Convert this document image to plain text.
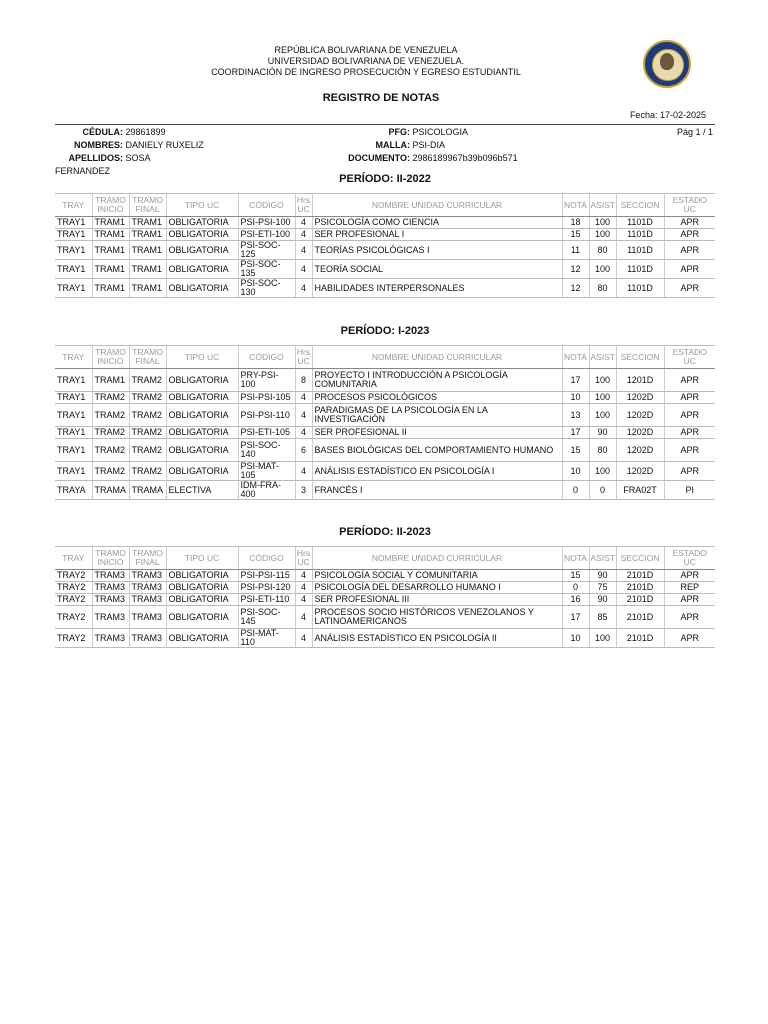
REPÚBLICA BOLIVARIANA DE VENEZUELA
UNIVERSIDAD BOLIVARIANA DE VENEZUELA.
COORDINACIÓN DE INGRESO PROSECUCIÓN Y EGRESO ESTUDIANTIL
REGISTRO DE NOTAS
Fecha: 17-02-2025
CÉDULA: 29861899
NOMBRES: DANIELY RUXELIZ
APELLIDOS: SOSA FERNANDEZ
PFG: PSICOLOGIA
MALLA: PSI-DIA
DOCUMENTO: 2986189967b39b096b571
Pág 1 / 1
PERÍODO: II-2022
TRAY	TRAMO INICIO	TRAMO FINAL	TIPO UC	CÓDIGO	Hrs UC	NOMBRE UNIDAD CURRICULAR	NOTA	ASIST	SECCION	ESTADO UC
TRAY1	TRAM1	TRAM1	OBLIGATORIA	PSI-PSI-100	4	PSICOLOGÍA COMO CIENCIA	18	100	1101D	APR
TRAY1	TRAM1	TRAM1	OBLIGATORIA	PSI-ETI-100	4	SER PROFESIONAL I	15	100	1101D	APR
TRAY1	TRAM1	TRAM1	OBLIGATORIA	PSI-SOC-125	4	TEORÍAS PSICOLÓGICAS I	11	80	1101D	APR
TRAY1	TRAM1	TRAM1	OBLIGATORIA	PSI-SOC-135	4	TEORÍA SOCIAL	12	100	1101D	APR
TRAY1	TRAM1	TRAM1	OBLIGATORIA	PSI-SOC-130	4	HABILIDADES INTERPERSONALES	12	80	1101D	APR
PERÍODO: I-2023
TRAY	TRAMO INICIO	TRAMO FINAL	TIPO UC	CÓDIGO	Hrs UC	NOMBRE UNIDAD CURRICULAR	NOTA	ASIST	SECCION	ESTADO UC
TRAY1	TRAM1	TRAM2	OBLIGATORIA	PRY-PSI-100	8	PROYECTO I INTRODUCCIÓN A PSICOLOGÍA COMUNITARIA	17	100	1201D	APR
TRAY1	TRAM2	TRAM2	OBLIGATORIA	PSI-PSI-105	4	PROCESOS PSICOLÓGICOS	10	100	1202D	APR
TRAY1	TRAM2	TRAM2	OBLIGATORIA	PSI-PSI-110	4	PARADIGMAS DE LA PSICOLOGÍA EN LA INVESTIGACIÓN	13	100	1202D	APR
TRAY1	TRAM2	TRAM2	OBLIGATORIA	PSI-ETI-105	4	SER PROFESIONAL II	17	90	1202D	APR
TRAY1	TRAM2	TRAM2	OBLIGATORIA	PSI-SOC-140	6	BASES BIOLÓGICAS DEL COMPORTAMIENTO HUMANO	15	80	1202D	APR
TRAY1	TRAM2	TRAM2	OBLIGATORIA	PSI-MAT-105	4	ANÁLISIS ESTADÍSTICO EN PSICOLOGÍA I	10	100	1202D	APR
TRAYA	TRAMA	TRAMA	ELECTIVA	IDM-FRA-400	3	FRANCÉS I	0	0	FRA02T	PI
PERÍODO: II-2023
TRAY	TRAMO INICIO	TRAMO FINAL	TIPO UC	CÓDIGO	Hrs UC	NOMBRE UNIDAD CURRICULAR	NOTA	ASIST	SECCION	ESTADO UC
TRAY2	TRAM3	TRAM3	OBLIGATORIA	PSI-PSI-115	4	PSICOLOGÍA SOCIAL Y COMUNITARIA	15	90	2101D	APR
TRAY2	TRAM3	TRAM3	OBLIGATORIA	PSI-PSI-120	4	PSICOLOGÍA DEL DESARROLLO HUMANO I	0	75	2101D	REP
TRAY2	TRAM3	TRAM3	OBLIGATORIA	PSI-ETI-110	4	SER PROFESIONAL III	16	90	2101D	APR
TRAY2	TRAM3	TRAM3	OBLIGATORIA	PSI-SOC-145	4	PROCESOS SOCIO HISTÓRICOS VENEZOLANOS Y LATINOAMERICANOS	17	85	2101D	APR
TRAY2	TRAM3	TRAM3	OBLIGATORIA	PSI-MAT-110	4	ANÁLISIS ESTADÍSTICO EN PSICOLOGÍA II	10	100	2101D	APR
